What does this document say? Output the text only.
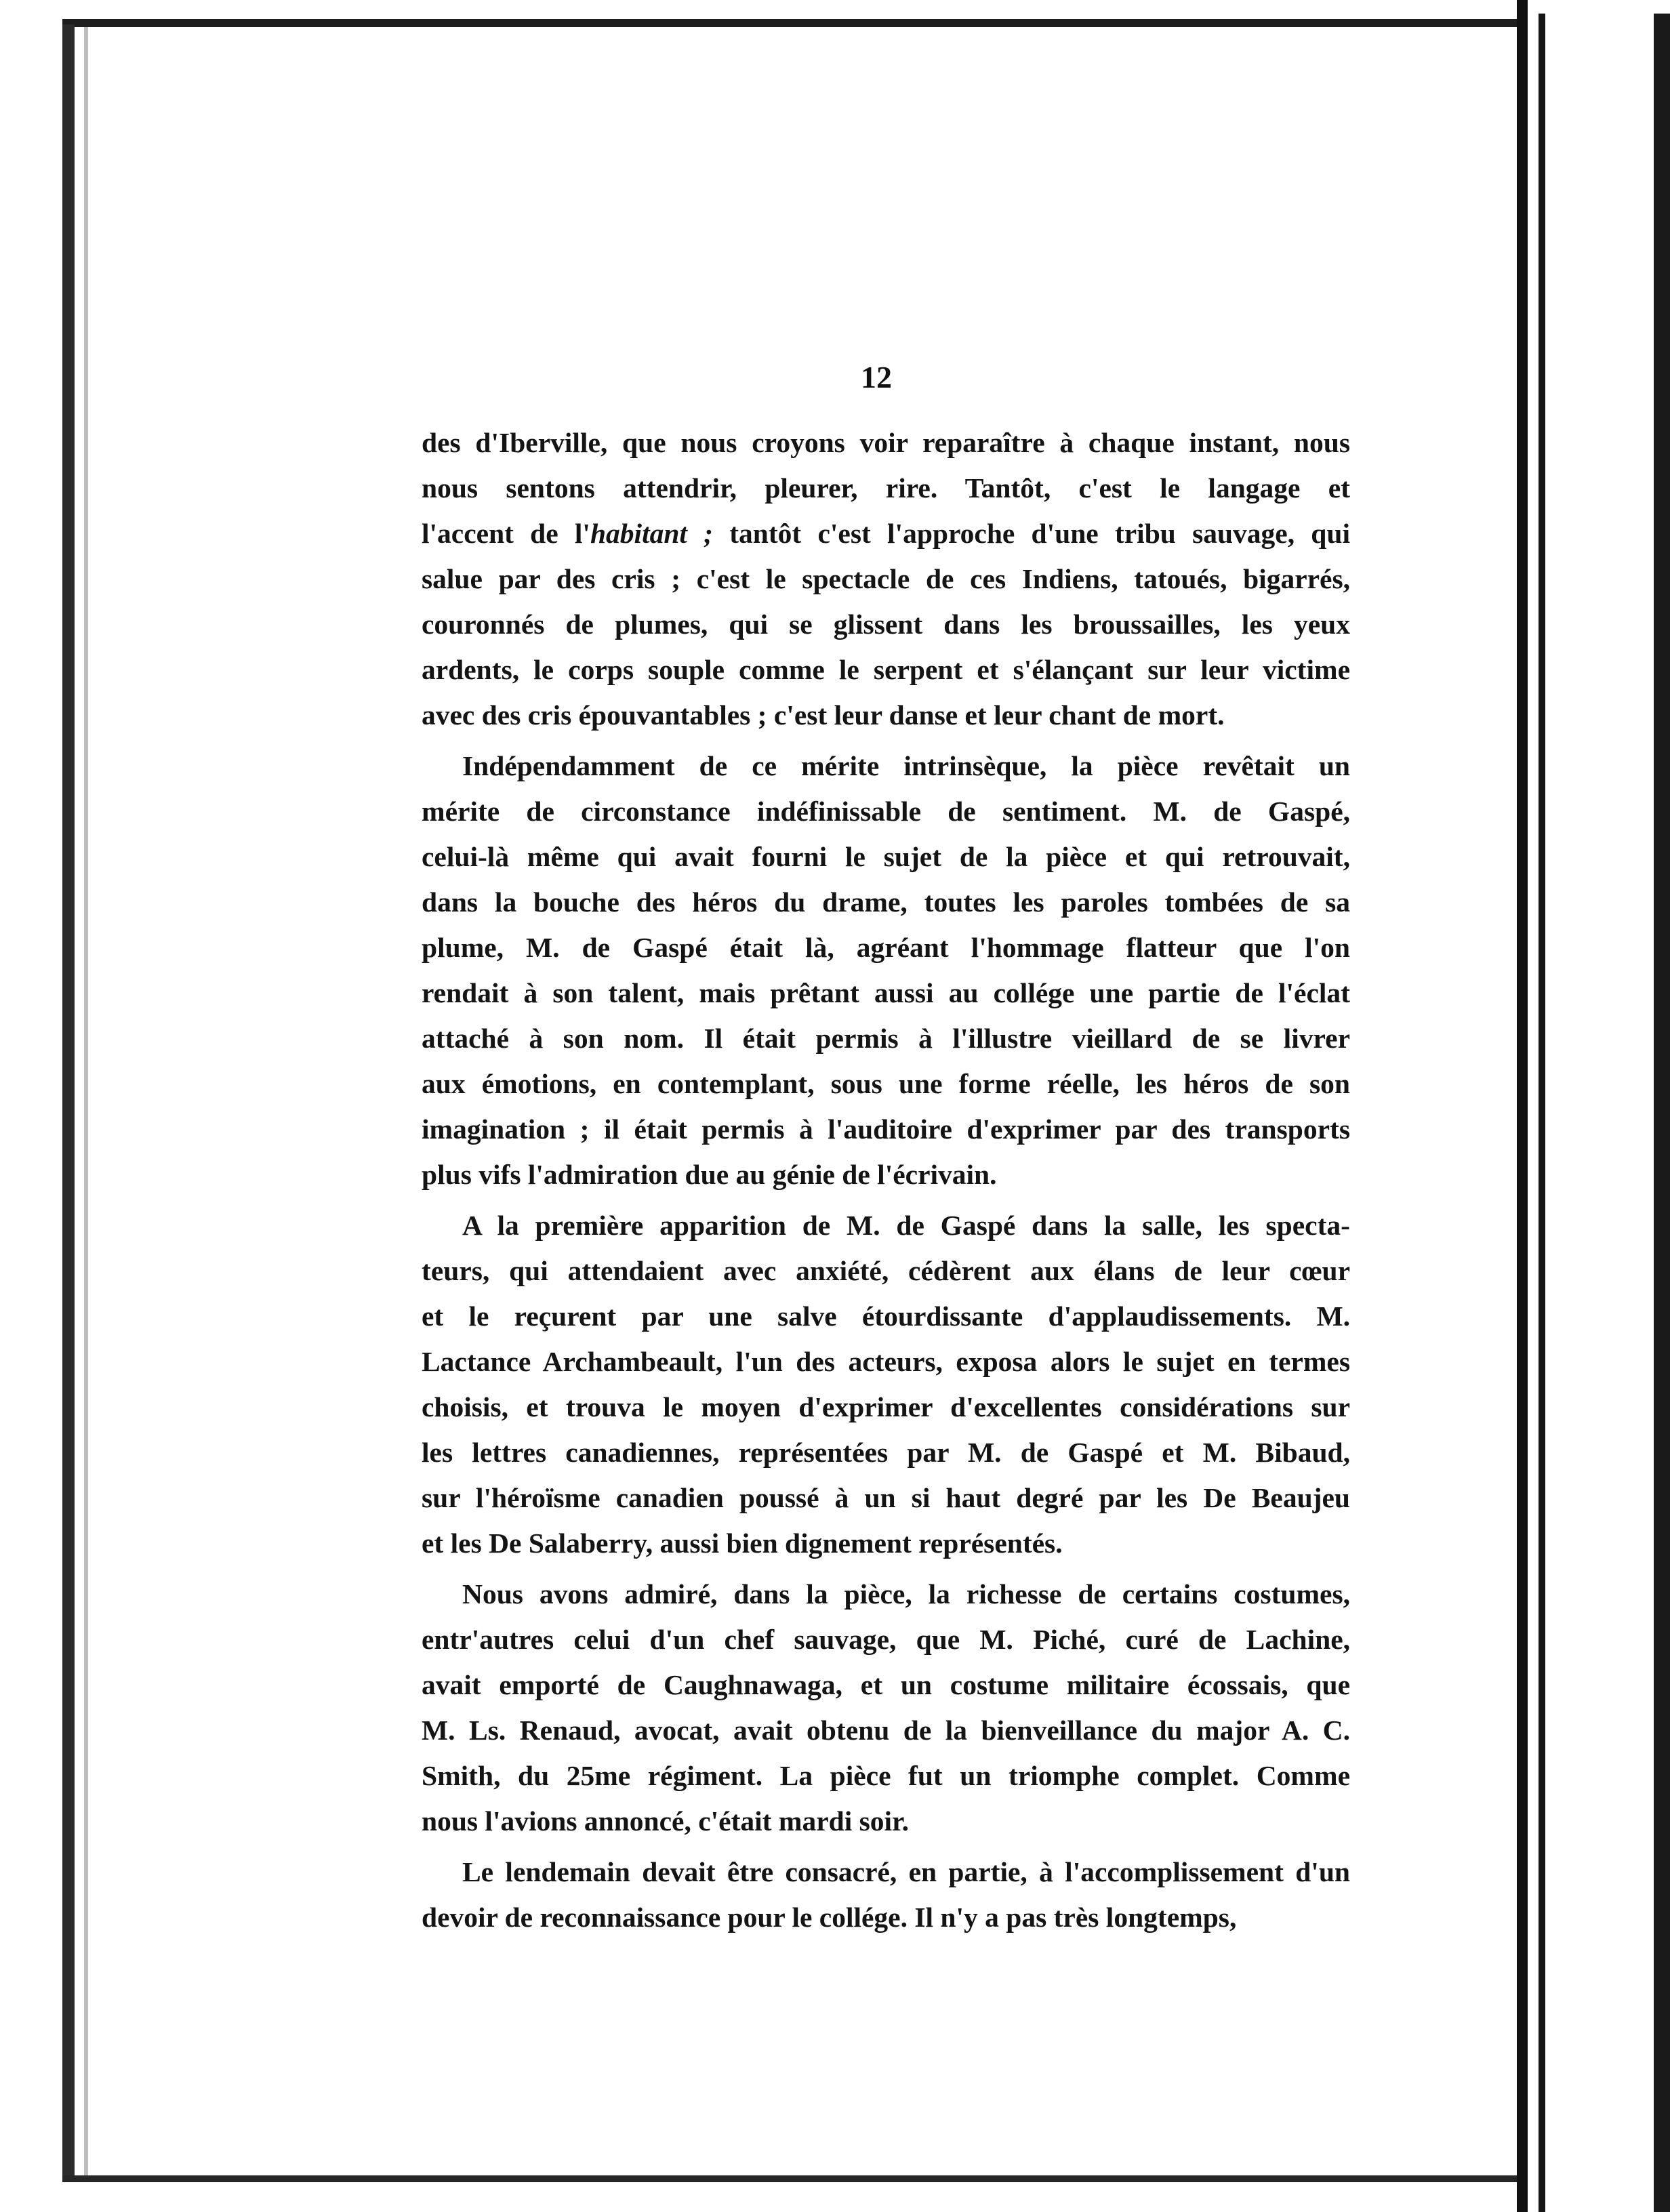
12
des d'Iberville, que nous croyons voir reparaître à chaque instant, nous
nous sentons attendrir, pleurer, rire. Tantôt, c'est le langage et
l'accent de l'habitant ; tantôt c'est l'approche d'une tribu sauvage, qui
salue par des cris ; c'est le spectacle de ces Indiens, tatoués, bigarrés,
couronnés de plumes, qui se glissent dans les broussailles, les yeux
ardents, le corps souple comme le serpent et s'élançant sur leur victime
avec des cris épouvantables ; c'est leur danse et leur chant de mort.
Indépendamment de ce mérite intrinsèque, la pièce revêtait un
mérite de circonstance indéfinissable de sentiment. M. de Gaspé,
celui-là même qui avait fourni le sujet de la pièce et qui retrouvait,
dans la bouche des héros du drame, toutes les paroles tombées de sa
plume, M. de Gaspé était là, agréant l'hommage flatteur que l'on
rendait à son talent, mais prêtant aussi au collége une partie de l'éclat
attaché à son nom. Il était permis à l'illustre vieillard de se livrer
aux émotions, en contemplant, sous une forme réelle, les héros de son
imagination ; il était permis à l'auditoire d'exprimer par des transports
plus vifs l'admiration due au génie de l'écrivain.
A la première apparition de M. de Gaspé dans la salle, les specta-
teurs, qui attendaient avec anxiété, cédèrent aux élans de leur cœur
et le reçurent par une salve étourdissante d'applaudissements. M.
Lactance Archambeault, l'un des acteurs, exposa alors le sujet en termes
choisis, et trouva le moyen d'exprimer d'excellentes considérations sur
les lettres canadiennes, représentées par M. de Gaspé et M. Bibaud,
sur l'héroïsme canadien poussé à un si haut degré par les De Beaujeu
et les De Salaberry, aussi bien dignement représentés.
Nous avons admiré, dans la pièce, la richesse de certains costumes,
entr'autres celui d'un chef sauvage, que M. Piché, curé de Lachine,
avait emporté de Caughnawaga, et un costume militaire écossais, que
M. Ls. Renaud, avocat, avait obtenu de la bienveillance du major A. C.
Smith, du 25me régiment. La pièce fut un triomphe complet. Comme
nous l'avions annoncé, c'était mardi soir.
Le lendemain devait être consacré, en partie, à l'accomplissement d'un
devoir de reconnaissance pour le collége. Il n'y a pas très longtemps,
